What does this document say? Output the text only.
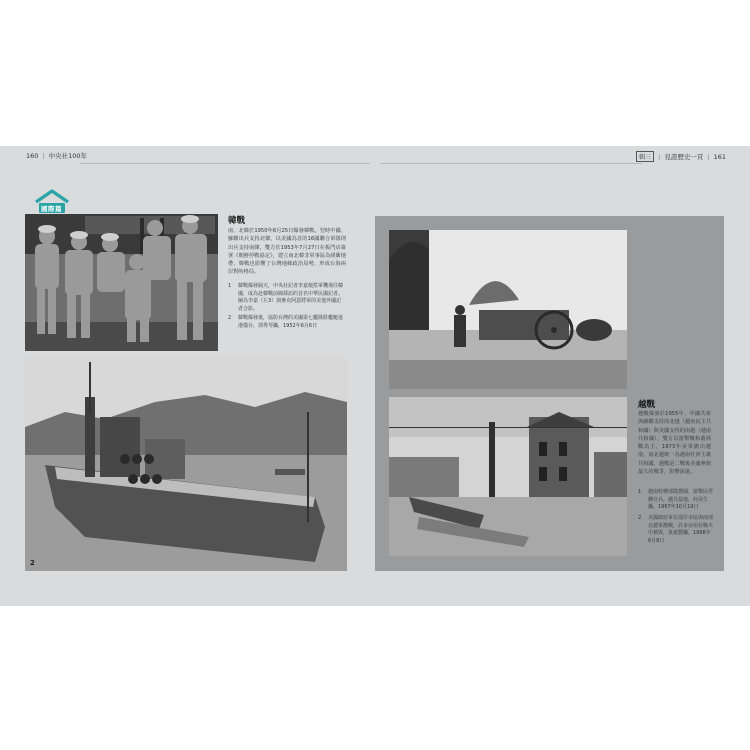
160 | 中央社100年	輯三	| 見證歷史一頁 | 161
國際篇
韓戰
南、北韓於1950年6月25日爆發韓戰，翌時中國、蘇聯出兵支持北韓，以美國為首的16國聯合軍隊則出兵支持南韓，雙方於1953年7月27日在板門店簽署《朝鮮停戰協定》，建立南北韓非軍事區為緩衝地帶，韓戰也影響了台灣地緣政治局勢，形成台海兩岸對峙格局。
1 韓戰爆發隔天，中央社記者李嘉便搭軍機飛往韓國，成為赴韓戰前線採訪的首名中華民國記者。圖為李嘉（左3）與麥克阿瑟將軍的美他外國記者合影。
2 韓戰爆發後，協防台灣的美國第七艦隊駐艦艇進港儀台，郭秀琴攝，1952年6月6日
2
越戰
越戰爆發於1955年，中國共產與蘇聯支持的北越（越南民主共和國）與美國支持的南越（越南共和國），雙方以游擊戰和叢林戰為主，1973年美軍撤出越南，南北越統一為越南社會主義共和國，越戰是二戰後美國參與最久的戰爭，影響深遠。
1 越南特種部隊搜捕，游擊民俘擄官兵，越共基地，何美生攝，1967年10月19日
2 美國政府軍在堤岸市區與南部北越軍激戰，許多房屋在戰火中被毀，黃嘉豐攝，1968年6月8日
